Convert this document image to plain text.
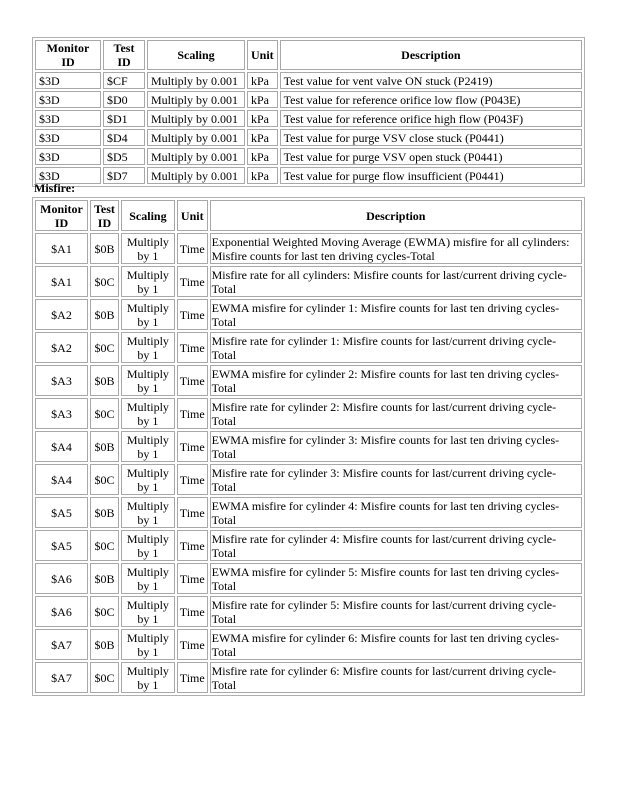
Monitor ID	Test ID	Scaling	Unit	Description
$3D	$CF	Multiply by 0.001	kPa	Test value for vent valve ON stuck (P2419)
$3D	$D0	Multiply by 0.001	kPa	Test value for reference orifice low flow (P043E)
$3D	$D1	Multiply by 0.001	kPa	Test value for reference orifice high flow (P043F)
$3D	$D4	Multiply by 0.001	kPa	Test value for purge VSV close stuck (P0441)
$3D	$D5	Multiply by 0.001	kPa	Test value for purge VSV open stuck (P0441)
$3D	$D7	Multiply by 0.001	kPa	Test value for purge flow insufficient (P0441)

Misfire:

Monitor ID	Test ID	Scaling	Unit	Description
$A1	$0B	Multiply by 1	Time	Exponential Weighted Moving Average (EWMA) misfire for all cylinders: Misfire counts for last ten driving cycles-Total
$A1	$0C	Multiply by 1	Time	Misfire rate for all cylinders: Misfire counts for last/current driving cycle-Total
$A2	$0B	Multiply by 1	Time	EWMA misfire for cylinder 1: Misfire counts for last ten driving cycles-Total
$A2	$0C	Multiply by 1	Time	Misfire rate for cylinder 1: Misfire counts for last/current driving cycle-Total
$A3	$0B	Multiply by 1	Time	EWMA misfire for cylinder 2: Misfire counts for last ten driving cycles-Total
$A3	$0C	Multiply by 1	Time	Misfire rate for cylinder 2: Misfire counts for last/current driving cycle-Total
$A4	$0B	Multiply by 1	Time	EWMA misfire for cylinder 3: Misfire counts for last ten driving cycles-Total
$A4	$0C	Multiply by 1	Time	Misfire rate for cylinder 3: Misfire counts for last/current driving cycle-Total
$A5	$0B	Multiply by 1	Time	EWMA misfire for cylinder 4: Misfire counts for last ten driving cycles-Total
$A5	$0C	Multiply by 1	Time	Misfire rate for cylinder 4: Misfire counts for last/current driving cycle-Total
$A6	$0B	Multiply by 1	Time	EWMA misfire for cylinder 5: Misfire counts for last ten driving cycles-Total
$A6	$0C	Multiply by 1	Time	Misfire rate for cylinder 5: Misfire counts for last/current driving cycle-Total
$A7	$0B	Multiply by 1	Time	EWMA misfire for cylinder 6: Misfire counts for last ten driving cycles-Total
$A7	$0C	Multiply by 1	Time	Misfire rate for cylinder 6: Misfire counts for last/current driving cycle-Total
